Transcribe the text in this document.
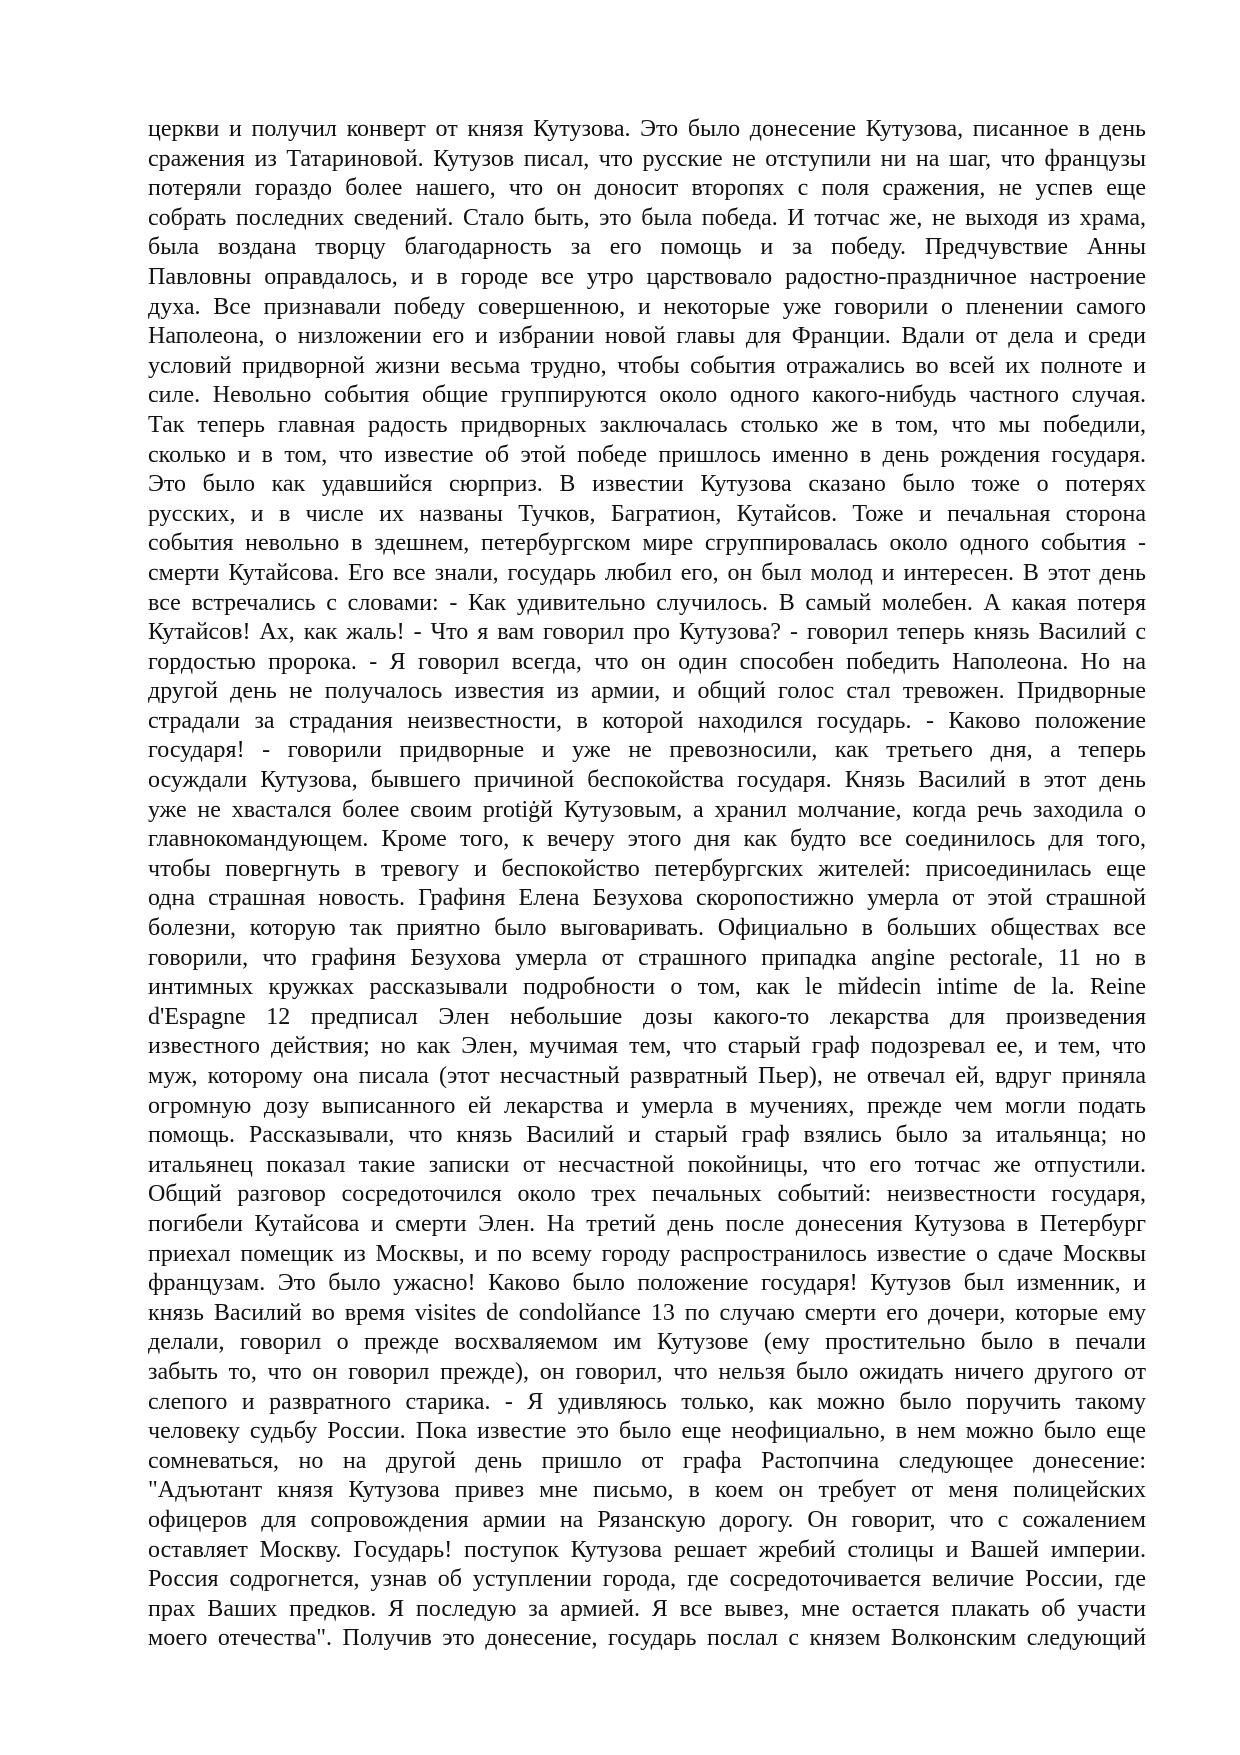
церкви и получил конверт от князя Кутузова. Это было донесение Кутузова, писанное в день
сражения из Татариновой. Кутузов писал, что русские не отступили ни на шаг, что французы
потеряли гораздо более нашего, что он доносит второпях с поля сражения, не успев еще
собрать последних сведений. Стало быть, это была победа. И тотчас же, не выходя из храма,
была воздана творцу благодарность за его помощь и за победу. Предчувствие Анны
Павловны оправдалось, и в городе все утро царствовало радостно-праздничное настроение
духа. Все признавали победу совершенною, и некоторые уже говорили о пленении самого
Наполеона, о низложении его и избрании новой главы для Франции. Вдали от дела и среди
условий придворной жизни весьма трудно, чтобы события отражались во всей их полноте и
силе. Невольно события общие группируются около одного какого-нибудь частного случая.
Так теперь главная радость придворных заключалась столько же в том, что мы победили,
сколько и в том, что известие об этой победе пришлось именно в день рождения государя.
Это было как удавшийся сюрприз. В известии Кутузова сказано было тоже о потерях
русских, и в числе их названы Тучков, Багратион, Кутайсов. Тоже и печальная сторона
события невольно в здешнем, петербургском мире сгруппировалась около одного события -
смерти Кутайсова. Его все знали, государь любил его, он был молод и интересен. В этот день
все встречались с словами: - Как удивительно случилось. В самый молебен. А какая потеря
Кутайсов! Ах, как жаль! - Что я вам говорил про Кутузова? - говорил теперь князь Василий с
гордостью пророка. - Я говорил всегда, что он один способен победить Наполеона. Но на
другой день не получалось известия из армии, и общий голос стал тревожен. Придворные
страдали за страдания неизвестности, в которой находился государь. - Каково положение
государя! - говорили придворные и уже не превозносили, как третьего дня, а теперь
осуждали Кутузова, бывшего причиной беспокойства государя. Князь Василий в этот день
уже не хвастался более своим protiġй Кутузовым, а хранил молчание, когда речь заходила о
главнокомандующем. Кроме того, к вечеру этого дня как будто все соединилось для того,
чтобы повергнуть в тревогу и беспокойство петербургских жителей: присоединилась еще
одна страшная новость. Графиня Елена Безухова скоропостижно умерла от этой страшной
болезни, которую так приятно было выговаривать. Официально в больших обществах все
говорили, что графиня Безухова умерла от страшного припадка angine pectorale, 11 но в
интимных кружках рассказывали подробности о том, как le mйdecin intime de la. Reine
d'Espagne 12 предписал Элен небольшие дозы какого-то лекарства для произведения
известного действия; но как Элен, мучимая тем, что старый граф подозревал ее, и тем, что
муж, которому она писала (этот несчастный развратный Пьер), не отвечал ей, вдруг приняла
огромную дозу выписанного ей лекарства и умерла в мучениях, прежде чем могли подать
помощь. Рассказывали, что князь Василий и старый граф взялись было за итальянца; но
итальянец показал такие записки от несчастной покойницы, что его тотчас же отпустили.
Общий разговор сосредоточился около трех печальных событий: неизвестности государя,
погибели Кутайсова и смерти Элен. На третий день после донесения Кутузова в Петербург
приехал помещик из Москвы, и по всему городу распространилось известие о сдаче Москвы
французам. Это было ужасно! Каково было положение государя! Кутузов был изменник, и
князь Василий во время visites de condolйance 13 по случаю смерти его дочери, которые ему
делали, говорил о прежде восхваляемом им Кутузове (ему простительно было в печали
забыть то, что он говорил прежде), он говорил, что нельзя было ожидать ничего другого от
слепого и развратного старика. - Я удивляюсь только, как можно было поручить такому
человеку судьбу России. Пока известие это было еще неофициально, в нем можно было еще
сомневаться, но на другой день пришло от графа Растопчина следующее донесение:
"Адъютант князя Кутузова привез мне письмо, в коем он требует от меня полицейских
офицеров для сопровождения армии на Рязанскую дорогу. Он говорит, что с сожалением
оставляет Москву. Государь! поступок Кутузова решает жребий столицы и Вашей империи.
Россия содрогнется, узнав об уступлении города, где сосредоточивается величие России, где
прах Ваших предков. Я последую за армией. Я все вывез, мне остается плакать об участи
моего отечества". Получив это донесение, государь послал с князем Волконским следующий
